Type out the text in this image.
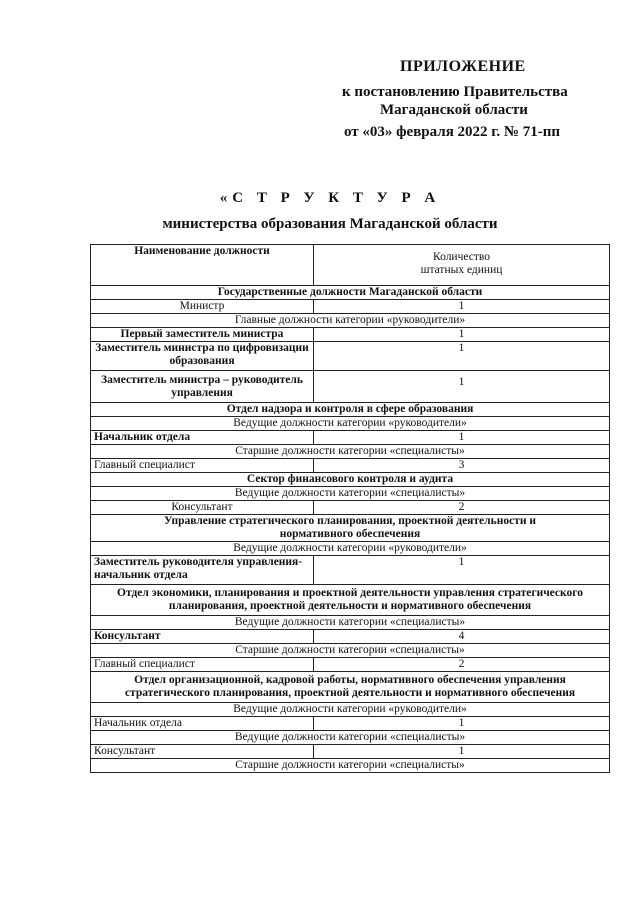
ПРИЛОЖЕНИЕ
к постановлению Правительства
Магаданской области
от «03» февраля 2022 г. № 71-пп
«С Т Р У К Т У Р А
министерства образования Магаданской области
Наименование должности	Количество
штатных единиц

Государственные должности Магаданской области	
Министр	1
Главные должности категории «руководители»	
Первый заместитель министра	1
Заместитель министра по цифровизации образования	1
Заместитель министра – руководитель управления	1
Отдел надзора и контроля в сфере образования	
Ведущие должности категории «руководители»	
Начальник отдела	1
Старшие должности категории «специалисты»	
Главный специалист	3
Сектор финансового контроля и аудита	
Ведущие должности категории «специалисты»	
Консультант	2
Управление стратегического планирования, проектной деятельности и нормативного обеспечения	
Ведущие должности категории «руководители»	
Заместитель руководителя управления-начальник отдела	1
Отдел экономики, планирования и проектной деятельности управления стратегического планирования, проектной деятельности и нормативного обеспечения	
Ведущие должности категории «специалисты»	
Консультант	4
Старшие должности категории «специалисты»	
Главный специалист	2
Отдел организационной, кадровой работы, нормативного обеспечения управления стратегического планирования, проектной деятельности и нормативного обеспечения	
Ведущие должности категории «руководители»	
Начальник отдела	1
Ведущие должности категории «специалисты»	
Консультант	1
Старшие должности категории «специалисты»	
